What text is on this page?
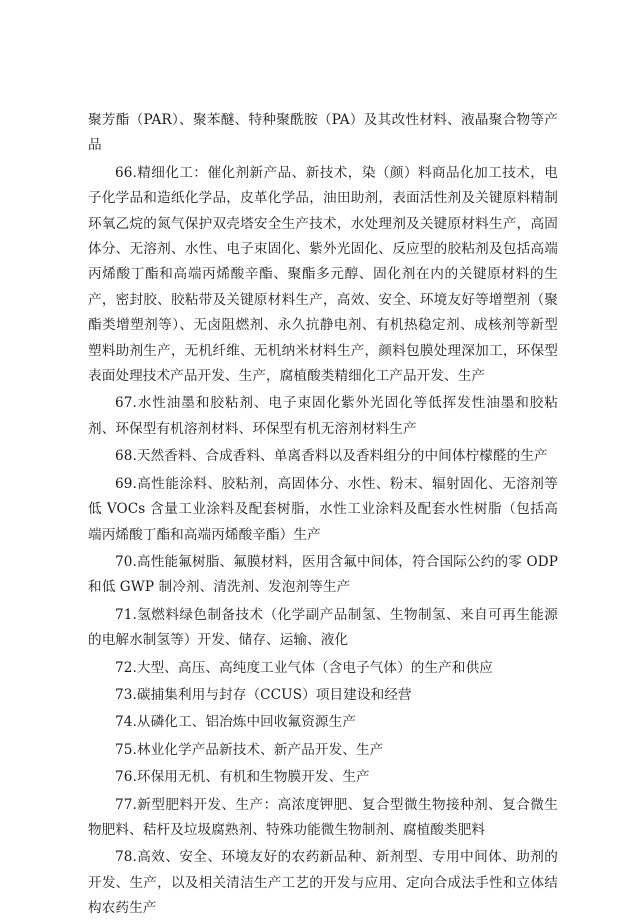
聚芳酯（PAR）、聚苯醚、特种聚酰胺（PA）及其改性材料、液晶聚合物等产品

66.精细化工：催化剂新产品、新技术，染（颜）料商品化加工技术，电子化学品和造纸化学品，皮革化学品，油田助剂，表面活性剂及关键原料精制环氧乙烷的氮气保护双壳塔安全生产技术，水处理剂及关键原材料生产，高固体分、无溶剂、水性、电子束固化、紫外光固化、反应型的胶粘剂及包括高端丙烯酸丁酯和高端丙烯酸辛酯、聚酯多元醇、固化剂在内的关键原材料的生产，密封胶、胶粘带及关键原材料生产，高效、安全、环境友好等增塑剂（聚酯类增塑剂等）、无卤阻燃剂、永久抗静电剂、有机热稳定剂、成核剂等新型塑料助剂生产，无机纤维、无机纳米材料生产，颜料包膜处理深加工，环保型表面处理技术产品开发、生产，腐植酸类精细化工产品开发、生产

67.水性油墨和胶粘剂、电子束固化紫外光固化等低挥发性油墨和胶粘剂、环保型有机溶剂材料、环保型有机无溶剂材料生产

68.天然香料、合成香料、单离香料以及香料组分的中间体柠檬醛的生产

69.高性能涂料、胶粘剂，高固体分、水性、粉末、辐射固化、无溶剂等低 VOCs 含量工业涂料及配套树脂，水性工业涂料及配套水性树脂（包括高端丙烯酸丁酯和高端丙烯酸辛酯）生产

70.高性能氟树脂、氟膜材料，医用含氟中间体，符合国际公约的零 ODP 和低 GWP 制冷剂、清洗剂、发泡剂等生产

71.氢燃料绿色制备技术（化学副产品制氢、生物制氢、来自可再生能源的电解水制氢等）开发、储存、运输、液化

72.大型、高压、高纯度工业气体（含电子气体）的生产和供应

73.碳捕集利用与封存（CCUS）项目建设和经营

74.从磷化工、铝冶炼中回收氟资源生产

75.林业化学产品新技术、新产品开发、生产

76.环保用无机、有机和生物膜开发、生产

77.新型肥料开发、生产：高浓度钾肥、复合型微生物接种剂、复合微生物肥料、秸杆及垃圾腐熟剂、特殊功能微生物制剂、腐植酸类肥料

78.高效、安全、环境友好的农药新品种、新剂型、专用中间体、助剂的开发、生产，以及相关清洁生产工艺的开发与应用、定向合成法手性和立体结构农药生产
